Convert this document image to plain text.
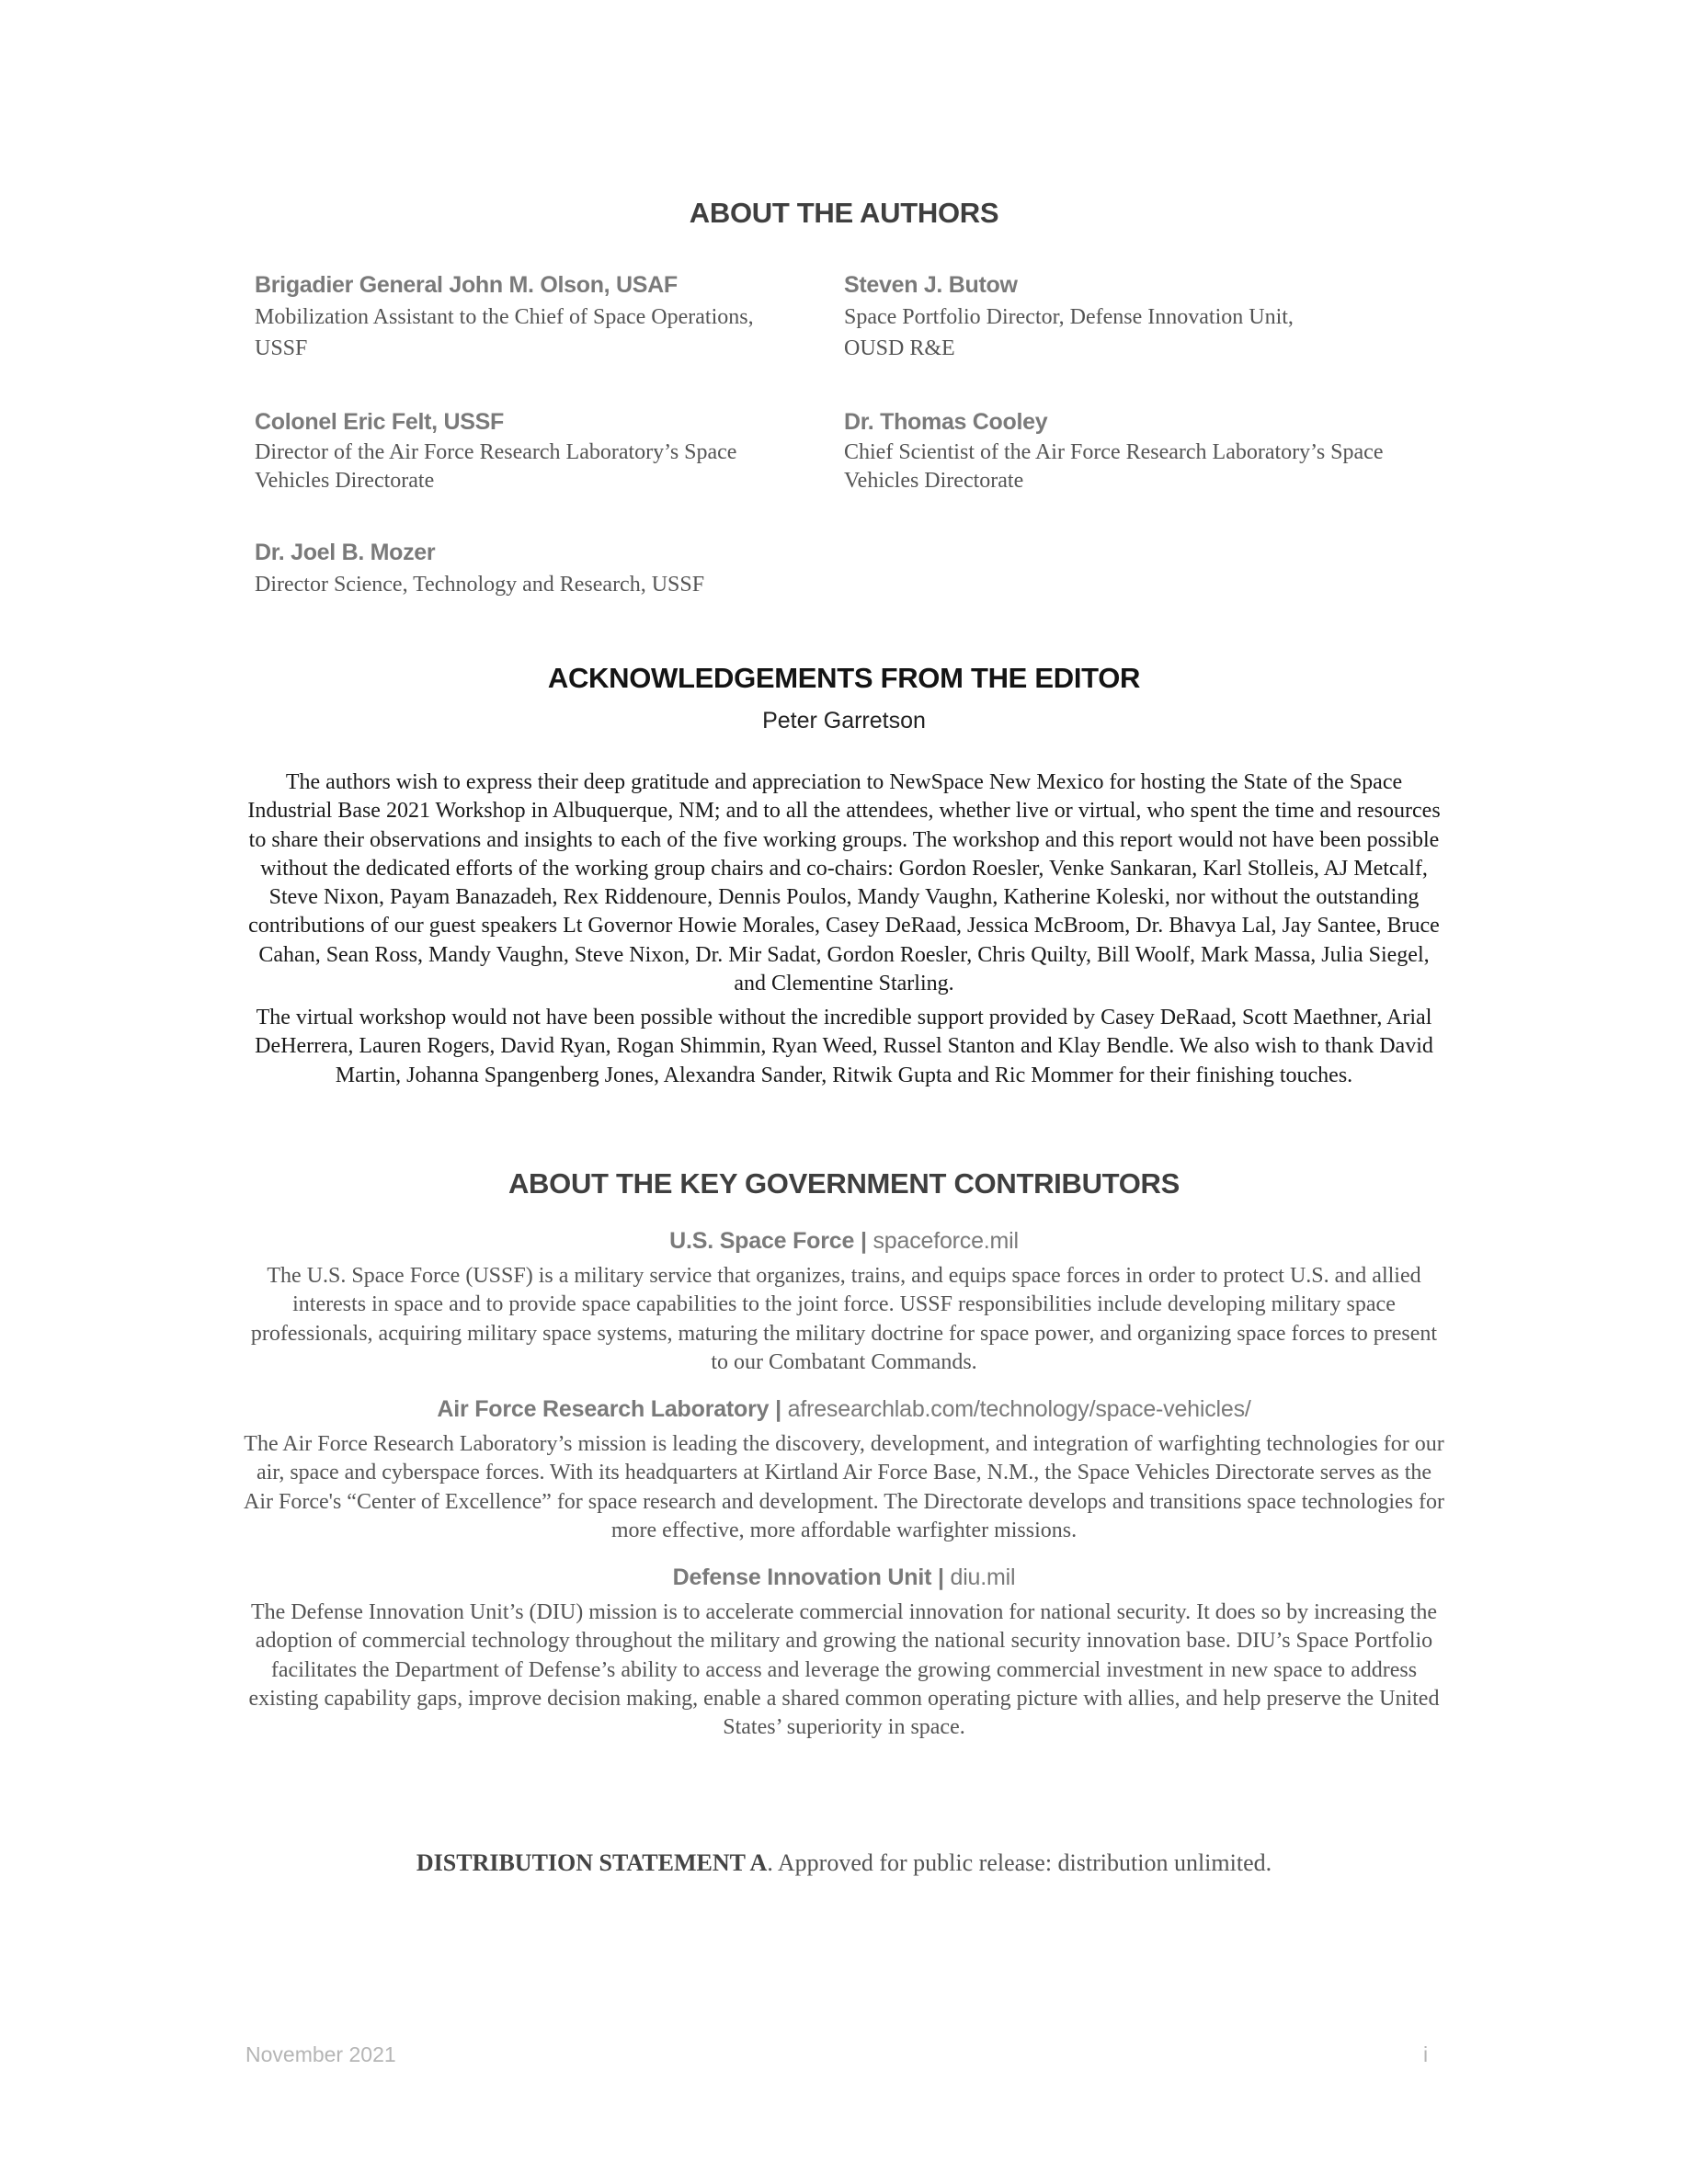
ABOUT THE AUTHORS
Brigadier General John M. Olson, USAF
Mobilization Assistant to the Chief of Space Operations, USSF
Steven J. Butow
Space Portfolio Director, Defense Innovation Unit, OUSD R&E
Colonel Eric Felt, USSF
Director of the Air Force Research Laboratory’s Space Vehicles Directorate
Dr. Thomas Cooley
Chief Scientist of the Air Force Research Laboratory’s Space Vehicles Directorate
Dr. Joel B. Mozer
Director Science, Technology and Research, USSF
ACKNOWLEDGEMENTS FROM THE EDITOR
Peter Garretson

The authors wish to express their deep gratitude and appreciation to NewSpace New Mexico for hosting the State of the Space Industrial Base 2021 Workshop in Albuquerque, NM; and to all the attendees, whether live or virtual, who spent the time and resources to share their observations and insights to each of the five working groups. The workshop and this report would not have been possible without the dedicated efforts of the working group chairs and co-chairs: Gordon Roesler, Venke Sankaran, Karl Stolleis, AJ Metcalf, Steve Nixon, Payam Banazadeh, Rex Riddenoure, Dennis Poulos, Mandy Vaughn, Katherine Koleski, nor without the outstanding contributions of our guest speakers Lt Governor Howie Morales, Casey DeRaad, Jessica McBroom, Dr. Bhavya Lal, Jay Santee, Bruce Cahan, Sean Ross, Mandy Vaughn, Steve Nixon, Dr. Mir Sadat, Gordon Roesler, Chris Quilty, Bill Woolf, Mark Massa, Julia Siegel, and Clementine Starling.

The virtual workshop would not have been possible without the incredible support provided by Casey DeRaad, Scott Maethner, Arial DeHerrera, Lauren Rogers, David Ryan, Rogan Shimmin, Ryan Weed, Russel Stanton and Klay Bendle. We also wish to thank David Martin, Johanna Spangenberg Jones, Alexandra Sander, Ritwik Gupta and Ric Mommer for their finishing touches.

ABOUT THE KEY GOVERNMENT CONTRIBUTORS
U.S. Space Force | spaceforce.mil

The U.S. Space Force (USSF) is a military service that organizes, trains, and equips space forces in order to protect U.S. and allied interests in space and to provide space capabilities to the joint force. USSF responsibilities include developing military space professionals, acquiring military space systems, maturing the military doctrine for space power, and organizing space forces to present to our Combatant Commands.

Air Force Research Laboratory | afresearchlab.com/technology/space-vehicles/

The Air Force Research Laboratory’s mission is leading the discovery, development, and integration of warfighting technologies for our air, space and cyberspace forces. With its headquarters at Kirtland Air Force Base, N.M., the Space Vehicles Directorate serves as the Air Force's “Center of Excellence” for space research and development. The Directorate develops and transitions space technologies for more effective, more affordable warfighter missions.

Defense Innovation Unit | diu.mil

The Defense Innovation Unit’s (DIU) mission is to accelerate commercial innovation for national security. It does so by increasing the adoption of commercial technology throughout the military and growing the national security innovation base. DIU’s Space Portfolio facilitates the Department of Defense’s ability to access and leverage the growing commercial investment in new space to address existing capability gaps, improve decision making, enable a shared common operating picture with allies, and help preserve the United States’ superiority in space.

DISTRIBUTION STATEMENT A. Approved for public release: distribution unlimited.
November 2021	i
